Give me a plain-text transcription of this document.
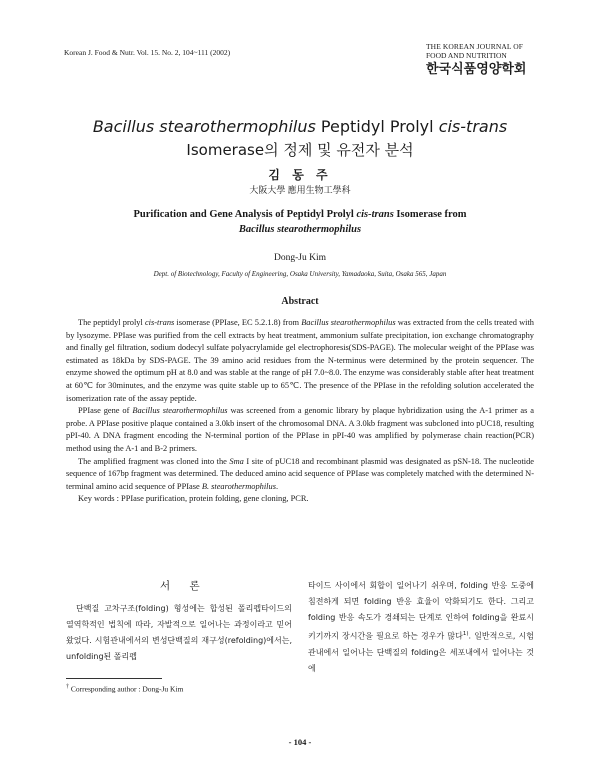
Korean J. Food & Nutr. Vol. 15. No. 2, 104~111 (2002)
THE KOREAN JOURNAL OF
FOOD AND NUTRITION
한국식품영양학회
Bacillus stearothermophilus Peptidyl Prolyl cis-trans
Isomerase의 정제 및 유전자 분석
김 동 주
大阪大學 應用生物工學科
Purification and Gene Analysis of Peptidyl Prolyl cis-trans Isomerase from
Bacillus stearothermophilus
Dong-Ju Kim
Dept. of Biotechnology, Faculty of Engineering, Osaka University, Yamadaoka, Suita, Osaka 565, Japan
Abstract

The peptidyl prolyl cis-trans isomerase (PPIase, EC 5.2.1.8) from Bacillus stearothermophilus was extracted from the cells treated with by lysozyme. PPIase was purified from the cell extracts by heat treatment, ammonium sulfate precipitation, ion exchange chromatography and finally gel filtration, sodium dodecyl sulfate polyacrylamide gel electrophoresis(SDS-PAGE). The molecular weight of the PPIase was estimated as 18kDa by SDS-PAGE. The 39 amino acid residues from the N-terminus were determined by the protein sequencer. The enzyme showed the optimum pH at 8.0 and was stable at the range of pH 7.0~8.0. The enzyme was considerably stable after heat treatment at 60℃ for 30minutes, and the enzyme was quite stable up to 65℃. The presence of the PPIase in the refolding solution accelerated the isomerization rate of the assay peptide.

PPIase gene of Bacillus stearothermophilus was screened from a genomic library by plaque hybridization using the A-1 primer as a probe. A PPIase positive plaque contained a 3.0kb insert of the chromosomal DNA. A 3.0kb fragment was subcloned into pUC18, resulting pPI-40. A DNA fragment encoding the N-terminal portion of the PPIase in pPI-40 was amplified by polymerase chain reaction(PCR) method using the A-1 and B-2 primers.

The amplified fragment was cloned into the Sma I site of pUC18 and recombinant plasmid was designated as pSN-18. The nucleotide sequence of 167bp fragment was determined. The deduced amino acid sequence of PPIase was completely matched with the determined N-terminal amino acid sequence of PPIase B. stearothermophilus.

Key words : PPIase purification, protein folding, gene cloning, PCR.

서 론

단백질 고차구조(folding) 형성에는 합성된 폴리펩타이드의 열역학적인 법칙에 따라, 자발적으로 일어나는 과정이라고 믿어 왔었다. 시험관내에서의 변성단백질의 재구성(refolding)에서는, unfolding된 폴리펩

타이드 사이에서 회합이 일어나기 쉬우며, folding 반응 도중에 침전하게 되면 folding 반응 효율이 악화되기도 한다. 그리고 folding 반응 속도가 경쇄되는 단계로 인하여 folding을 완료시키기까지 장시간을 필요로 하는 경우가 많다$^{1)}$. 일반적으로, 시험관내에서 일어나는 단백질의 folding은 세포내에서 일어나는 것에

† Corresponding author : Dong-Ju Kim
- 104 -
